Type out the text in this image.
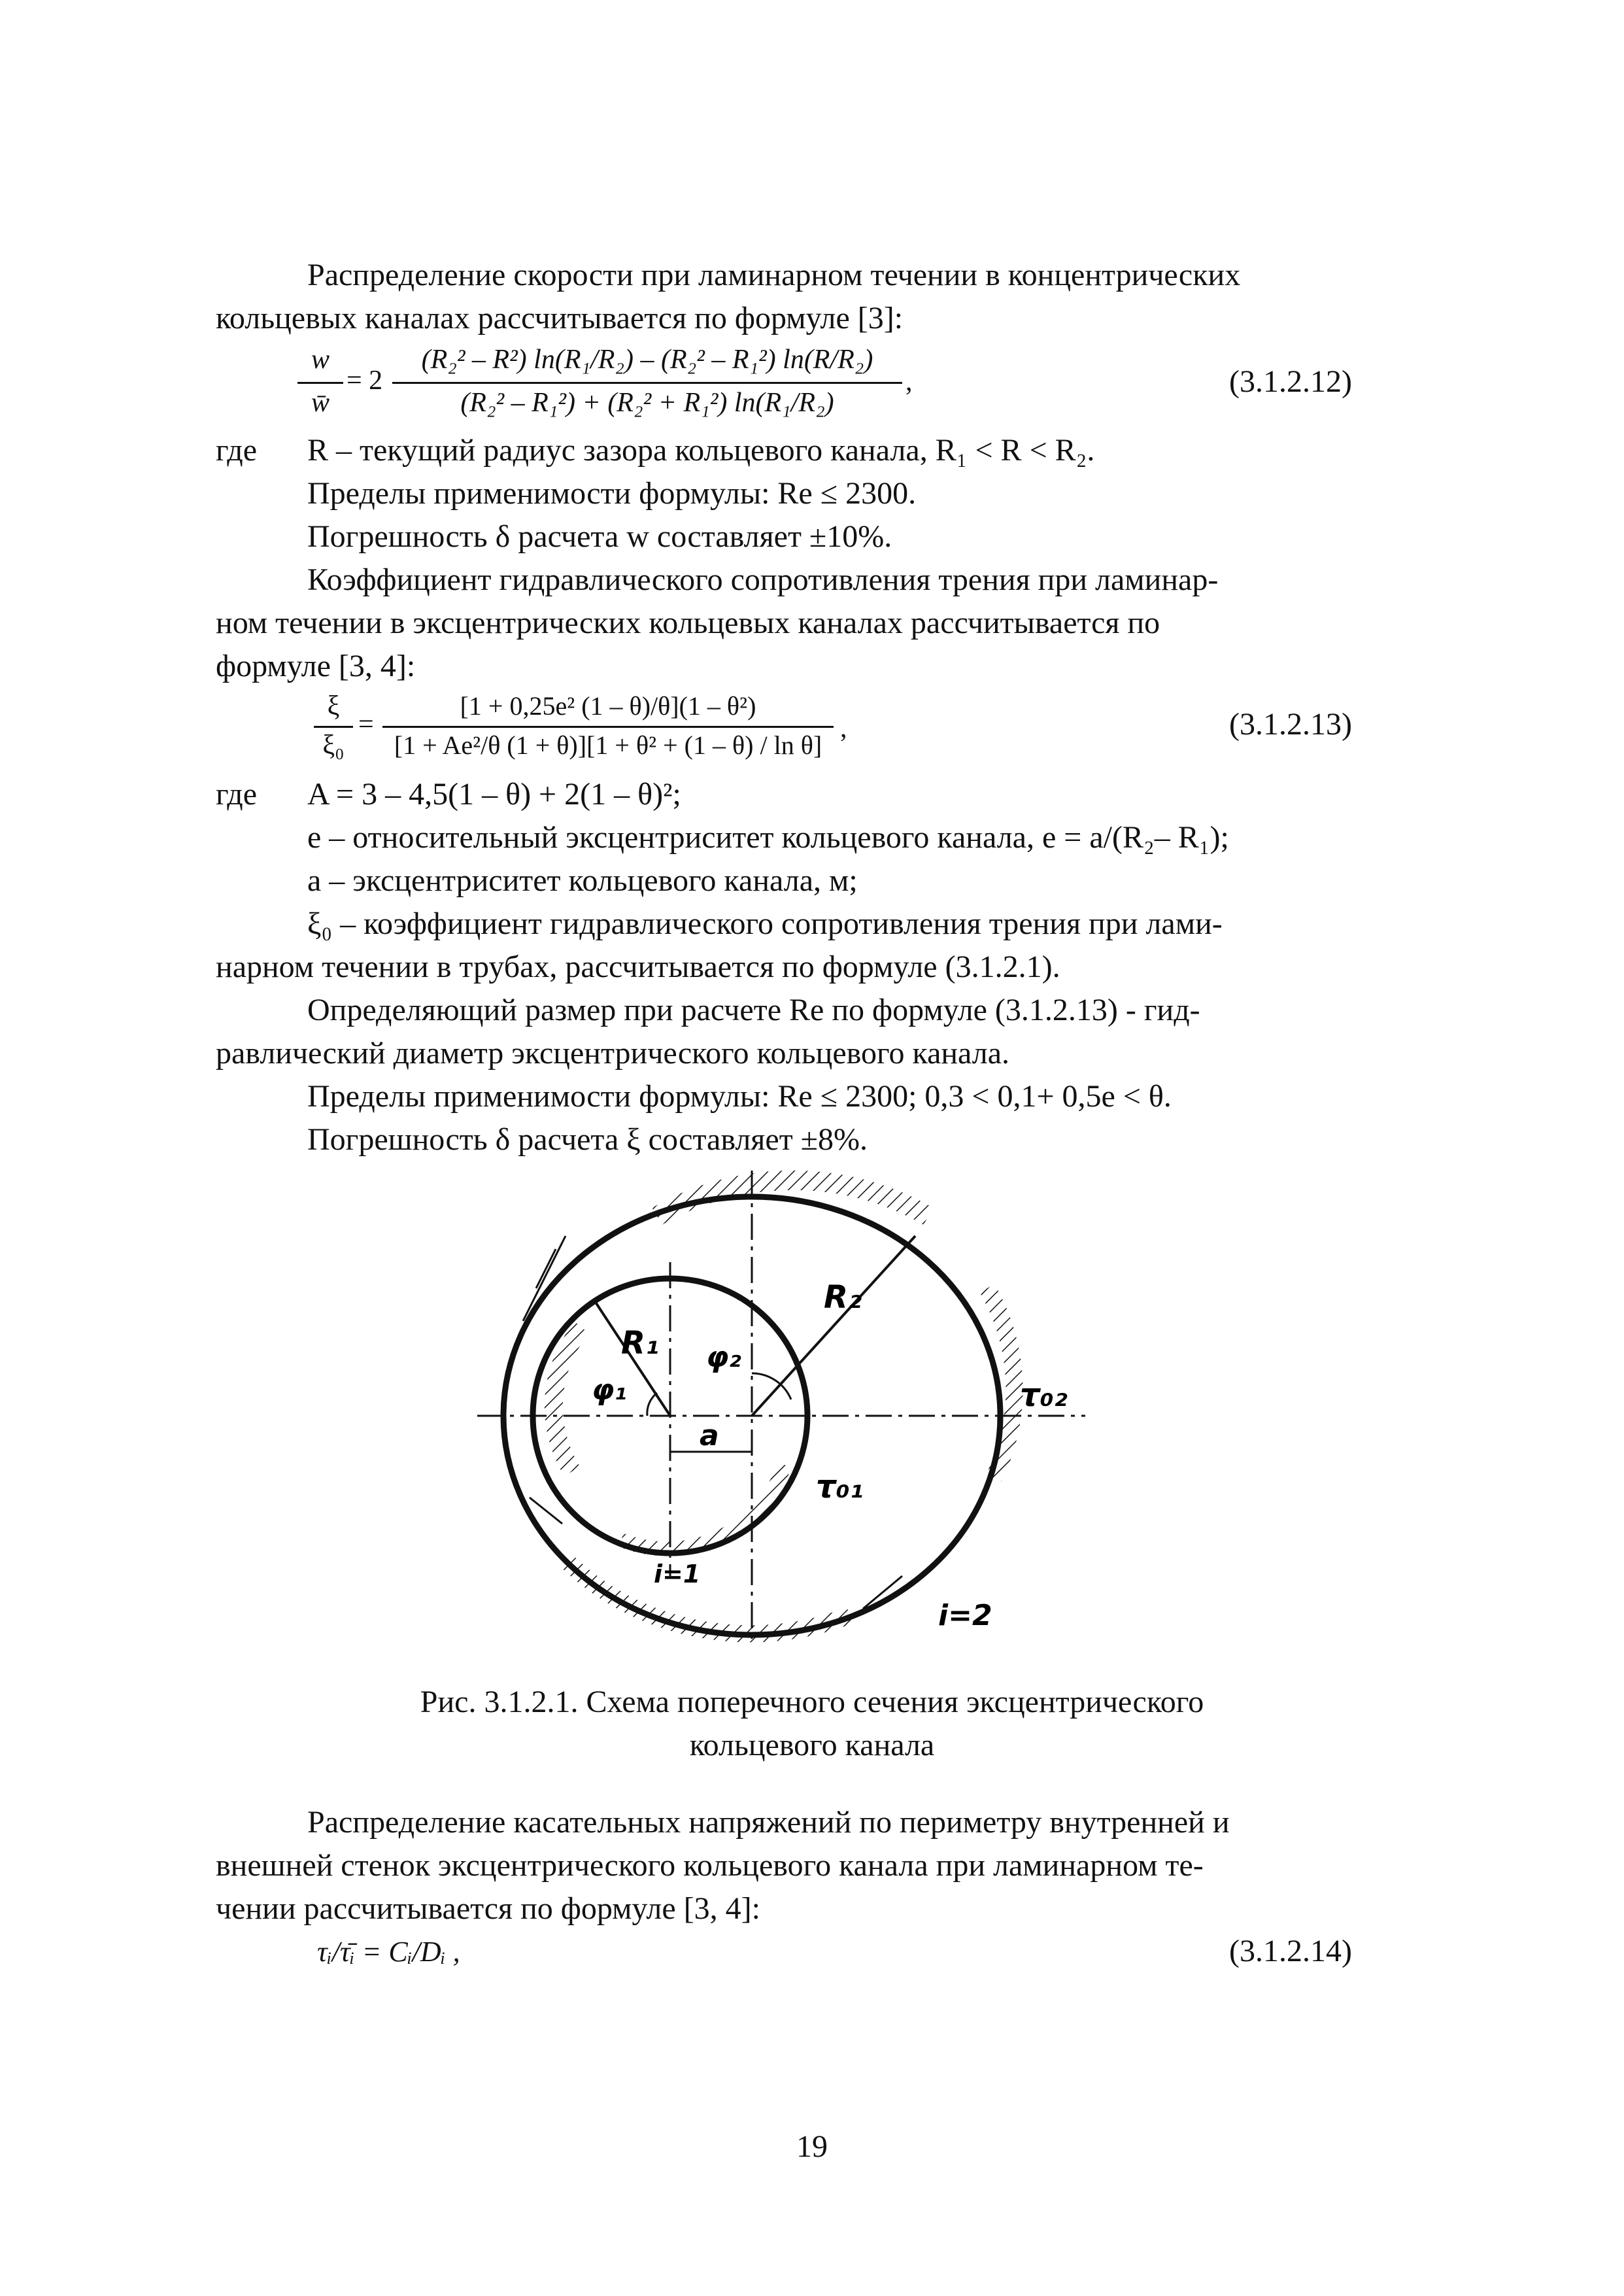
Распределение скорости при ламинарном течении в концентрических
кольцевых каналах рассчитывается по формуле [3]:
w
w̄
= 2
(R₂² – R²) ln(R₁/R₂) – (R₂² – R₁²) ln(R/R₂)
(R₂² – R₁²) + (R₂² + R₁²) ln(R₁/R₂)
,	(3.1.2.12)
где R – текущий радиус зазора кольцевого канала, R₁ < R < R₂.
Пределы применимости формулы: Re ≤ 2300.
Погрешность δ расчета w составляет ±10%.
Коэффициент гидравлического сопротивления трения при ламинар-
ном течении в эксцентрических кольцевых каналах рассчитывается по
формуле [3, 4]:
ξ
ξ₀
=
[1 + 0,25e² (1 – θ)/θ](1 – θ²)
[1 + Ae²/θ (1 + θ)][1 + θ² + (1 – θ) / ln θ]
,	(3.1.2.13)
где A = 3 – 4,5(1 – θ) + 2(1 – θ)²;
e – относительный эксцентриситет кольцевого канала, e = a/(R₂– R₁);
a – эксцентриситет кольцевого канала, м;
ξ₀ – коэффициент гидравлического сопротивления трения при лами-
нарном течении в трубах, рассчитывается по формуле (3.1.2.1).
Определяющий размер при расчете Re по формуле (3.1.2.13) - гид-
равлический диаметр эксцентрического кольцевого канала.
Пределы применимости формулы: Re ≤ 2300; 0,3 < 0,1+ 0,5e < θ.
Погрешность δ расчета ξ составляет ±8%.
R₁
R₂
φ₁
φ₂
a
τ₀₁
τ₀₂
i=1
i=2
Рис. 3.1.2.1. Схема поперечного сечения эксцентрического
кольцевого канала
Распределение касательных напряжений по периметру внутренней и
внешней стенок эксцентрического кольцевого канала при ламинарном те-
чении рассчитывается по формуле [3, 4]:
τᵢ/τ̄ᵢ = Cᵢ/Dᵢ ,	(3.1.2.14)
19
